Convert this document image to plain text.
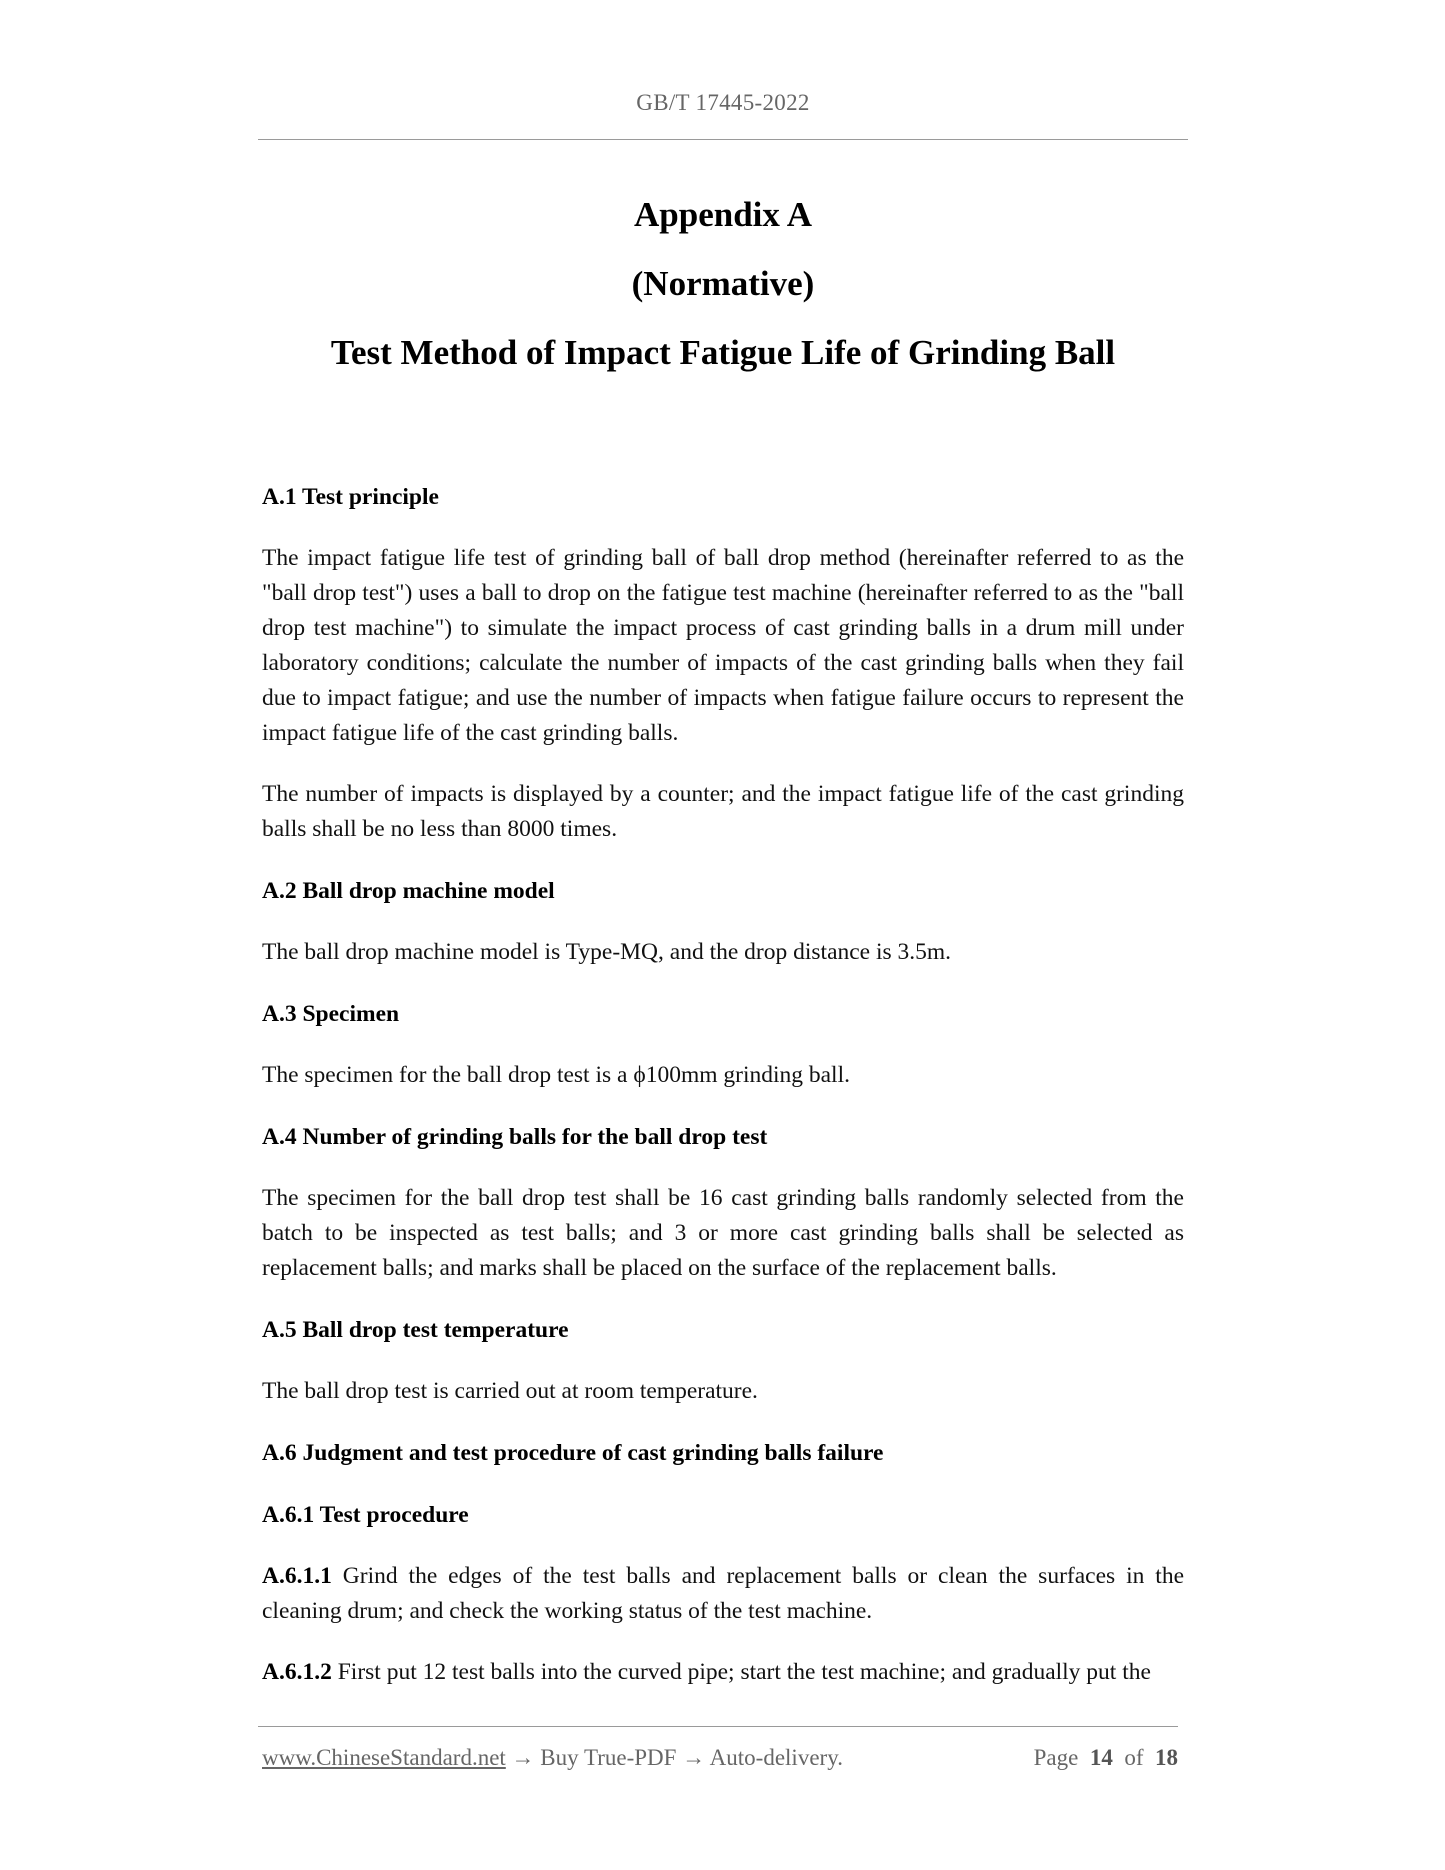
GB/T 17445-2022
Appendix A
(Normative)
Test Method of Impact Fatigue Life of Grinding Ball

A.1 Test principle

The impact fatigue life test of grinding ball of ball drop method (hereinafter referred to as the "ball drop test") uses a ball to drop on the fatigue test machine (hereinafter referred to as the "ball drop test machine") to simulate the impact process of cast grinding balls in a drum mill under laboratory conditions; calculate the number of impacts of the cast grinding balls when they fail due to impact fatigue; and use the number of impacts when fatigue failure occurs to represent the impact fatigue life of the cast grinding balls.

The number of impacts is displayed by a counter; and the impact fatigue life of the cast grinding balls shall be no less than 8000 times.

A.2 Ball drop machine model

The ball drop machine model is Type-MQ, and the drop distance is 3.5m.

A.3 Specimen

The specimen for the ball drop test is a ϕ100mm grinding ball.

A.4 Number of grinding balls for the ball drop test

The specimen for the ball drop test shall be 16 cast grinding balls randomly selected from the batch to be inspected as test balls; and 3 or more cast grinding balls shall be selected as replacement balls; and marks shall be placed on the surface of the replacement balls.

A.5 Ball drop test temperature

The ball drop test is carried out at room temperature.

A.6 Judgment and test procedure of cast grinding balls failure

A.6.1 Test procedure

A.6.1.1 Grind the edges of the test balls and replacement balls or clean the surfaces in the cleaning drum; and check the working status of the test machine.

A.6.1.2 First put 12 test balls into the curved pipe; start the test machine; and gradually put the

www.ChineseStandard.net → Buy True-PDF → Auto-delivery.	Page 14 of 18
